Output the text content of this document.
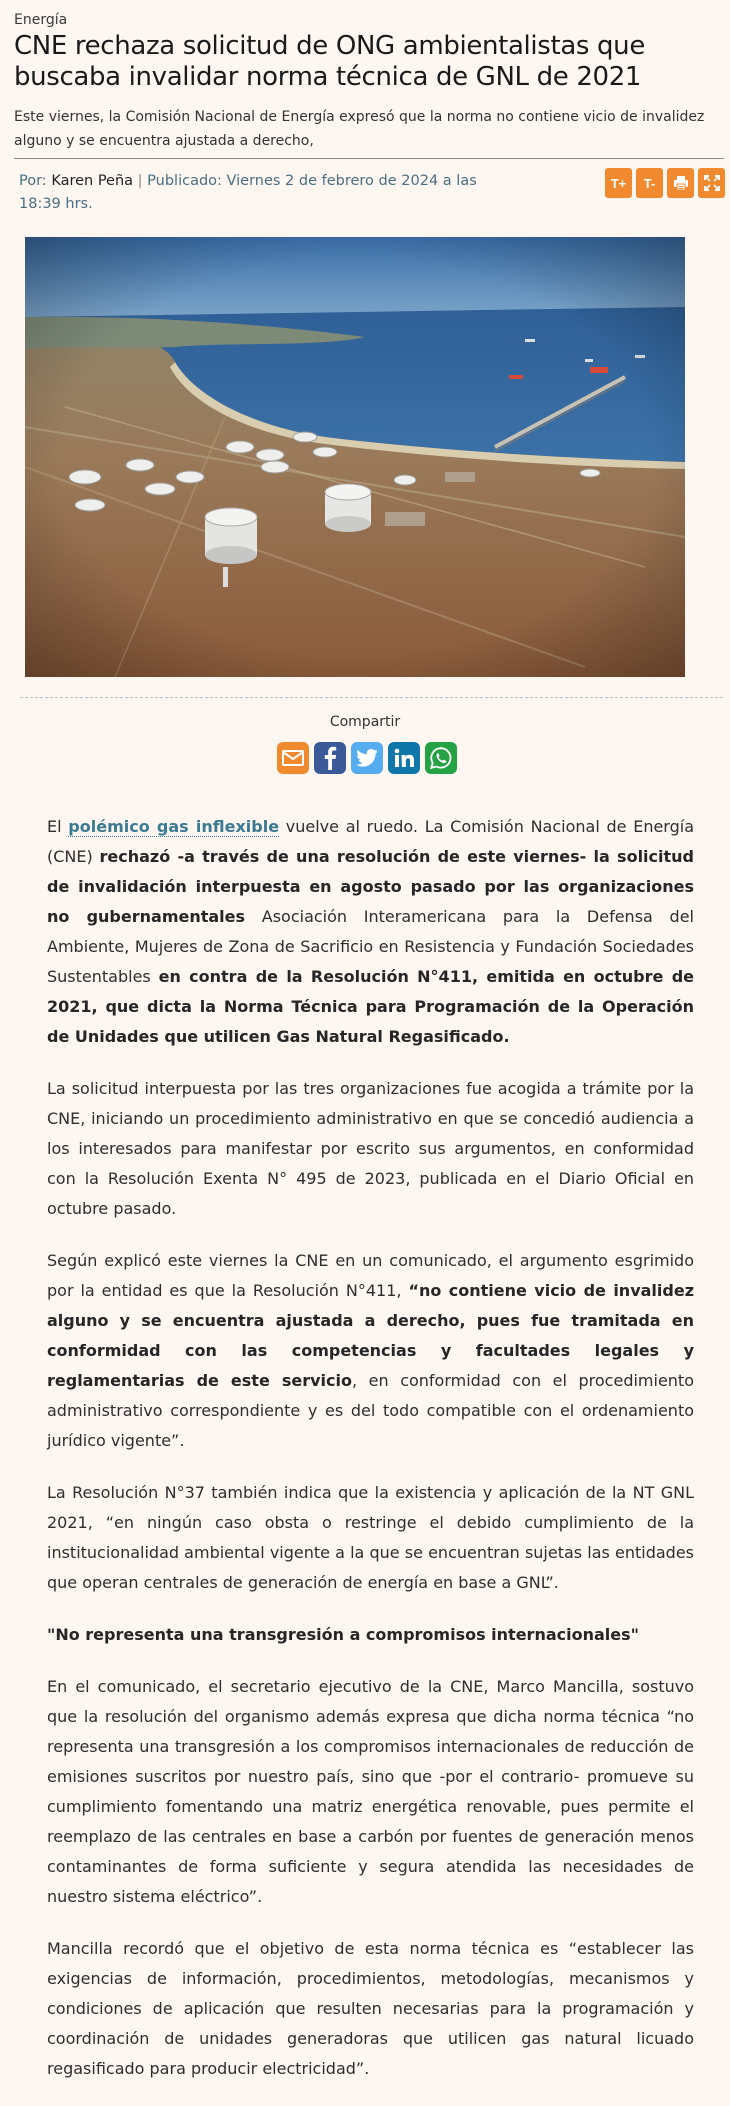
Energía
CNE rechaza solicitud de ONG ambientalistas que buscaba invalidar norma técnica de GNL de 2021
Este viernes, la Comisión Nacional de Energía expresó que la norma no contiene vicio de invalidez alguno y se encuentra ajustada a derecho,
Por: Karen Peña | Publicado: Viernes 2 de febrero de 2024 a las 18:39 hrs.
T+	T-
Compartir

El polémico gas inflexible vuelve al ruedo. La Comisión Nacional de Energía (CNE) rechazó -a través de una resolución de este viernes- la solicitud de invalidación interpuesta en agosto pasado por las organizaciones no gubernamentales Asociación Interamericana para la Defensa del Ambiente, Mujeres de Zona de Sacrificio en Resistencia y Fundación Sociedades Sustentables en contra de la Resolución N°411, emitida en octubre de 2021, que dicta la Norma Técnica para Programación de la Operación de Unidades que utilicen Gas Natural Regasificado.

La solicitud interpuesta por las tres organizaciones fue acogida a trámite por la CNE, iniciando un procedimiento administrativo en que se concedió audiencia a los interesados para manifestar por escrito sus argumentos, en conformidad con la Resolución Exenta N° 495 de 2023, publicada en el Diario Oficial en octubre pasado.

Según explicó este viernes la CNE en un comunicado, el argumento esgrimido por la entidad es que la Resolución N°411, “no contiene vicio de invalidez alguno y se encuentra ajustada a derecho, pues fue tramitada en conformidad con las competencias y facultades legales y reglamentarias de este servicio, en conformidad con el procedimiento administrativo correspondiente y es del todo compatible con el ordenamiento jurídico vigente”.

La Resolución N°37 también indica que la existencia y aplicación de la NT GNL 2021, “en ningún caso obsta o restringe el debido cumplimiento de la institucionalidad ambiental vigente a la que se encuentran sujetas las entidades que operan centrales de generación de energía en base a GNL”.

"No representa una transgresión a compromisos internacionales"

En el comunicado, el secretario ejecutivo de la CNE, Marco Mancilla, sostuvo que la resolución del organismo además expresa que dicha norma técnica “no representa una transgresión a los compromisos internacionales de reducción de emisiones suscritos por nuestro país, sino que -por el contrario- promueve su cumplimiento fomentando una matriz energética renovable, pues permite el reemplazo de las centrales en base a carbón por fuentes de generación menos contaminantes de forma suficiente y segura atendida las necesidades de nuestro sistema eléctrico”.

Mancilla recordó que el objetivo de esta norma técnica es “establecer las exigencias de información, procedimientos, metodologías, mecanismos y condiciones de aplicación que resulten necesarias para la programación y coordinación de unidades generadoras que utilicen gas natural licuado regasificado para producir electricidad”.
